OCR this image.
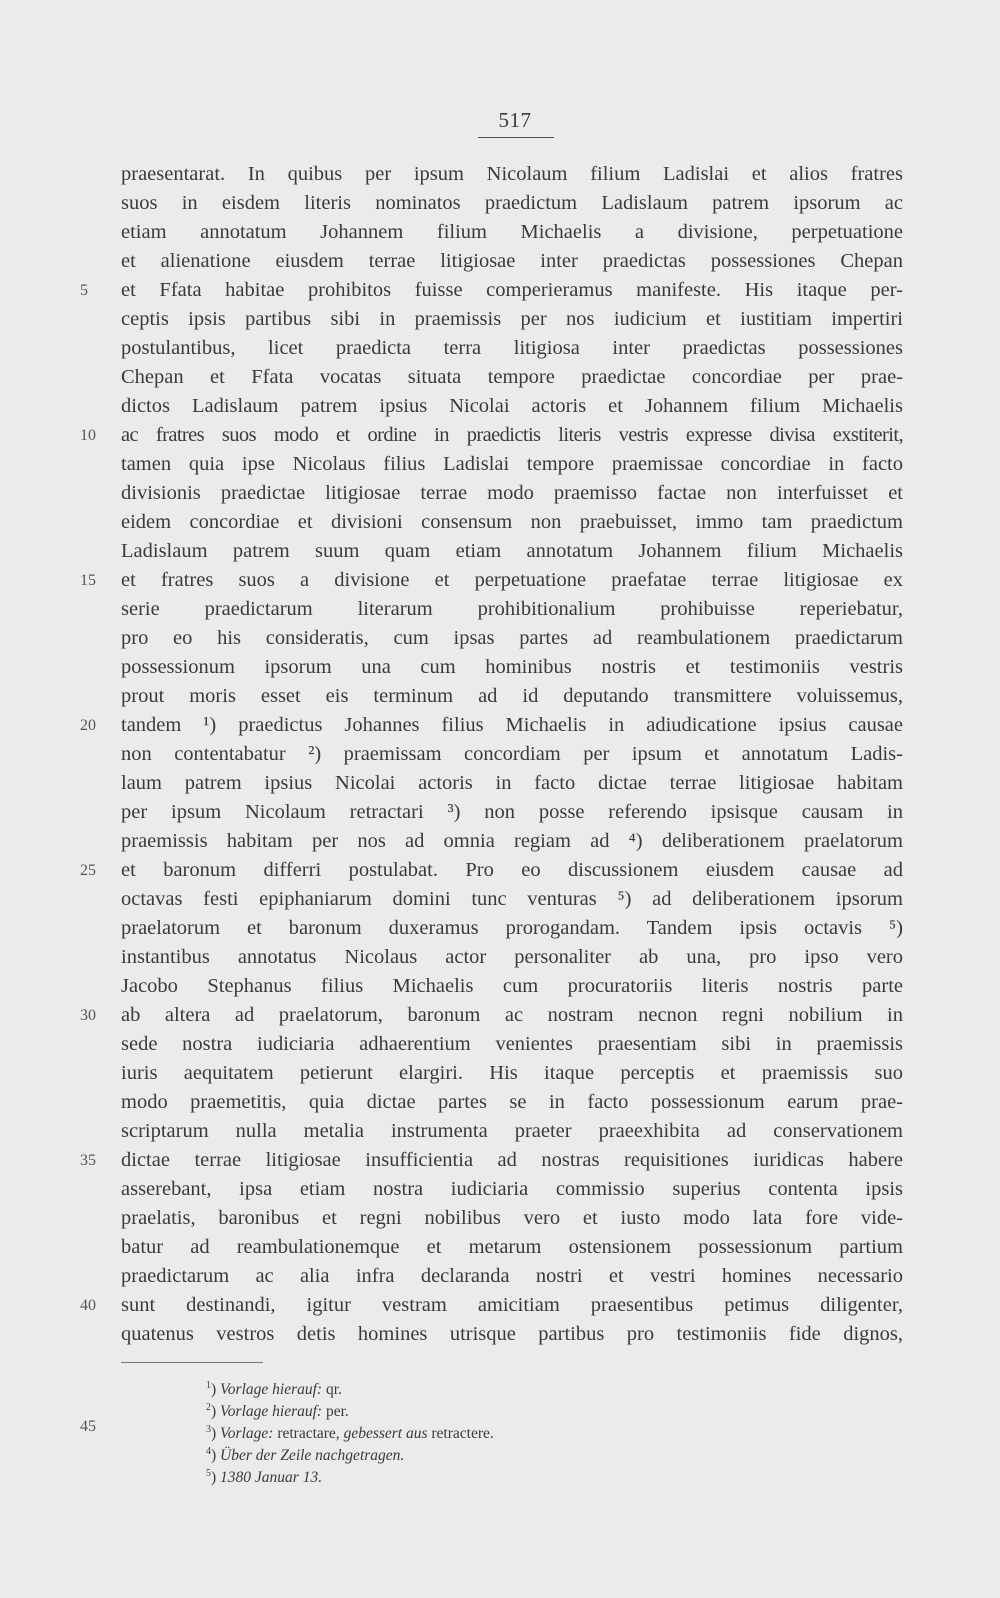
517
praesentarat. In quibus per ipsum Nicolaum filium Ladislai et alios fratres
suos in eisdem literis nominatos praedictum Ladislaum patrem ipsorum ac
etiam annotatum Johannem filium Michaelis a divisione, perpetuatione
et alienatione eiusdem terrae litigiosae inter praedictas possessiones Chepan
et Ffata habitae prohibitos fuisse comperieramus manifeste. His itaque per-
ceptis ipsis partibus sibi in praemissis per nos iudicium et iustitiam impertiri
postulantibus, licet praedicta terra litigiosa inter praedictas possessiones
Chepan et Ffata vocatas situata tempore praedictae concordiae per prae-
dictos Ladislaum patrem ipsius Nicolai actoris et Johannem filium Michaelis
ac fratres suos modo et ordine in praedictis literis vestris expresse divisa exstiterit,
tamen quia ipse Nicolaus filius Ladislai tempore praemissae concordiae in facto
divisionis praedictae litigiosae terrae modo praemisso factae non interfuisset et
eidem concordiae et divisioni consensum non praebuisset, immo tam praedictum
Ladislaum patrem suum quam etiam annotatum Johannem filium Michaelis
et fratres suos a divisione et perpetuatione praefatae terrae litigiosae ex
serie praedictarum literarum prohibitionalium prohibuisse reperiebatur,
pro eo his consideratis, cum ipsas partes ad reambulationem praedictarum
possessionum ipsorum una cum hominibus nostris et testimoniis vestris
prout moris esset eis terminum ad id deputando transmittere voluissemus,
tandem ¹) praedictus Johannes filius Michaelis in adiudicatione ipsius causae
non contentabatur ²) praemissam concordiam per ipsum et annotatum Ladis-
laum patrem ipsius Nicolai actoris in facto dictae terrae litigiosae habitam
per ipsum Nicolaum retractari ³) non posse referendo ipsisque causam in
praemissis habitam per nos ad omnia regiam ad ⁴) deliberationem praelatorum
et baronum differri postulabat. Pro eo discussionem eiusdem causae ad
octavas festi epiphaniarum domini tunc venturas ⁵) ad deliberationem ipsorum
praelatorum et baronum duxeramus prorogandam. Tandem ipsis octavis ⁵)
instantibus annotatus Nicolaus actor personaliter ab una, pro ipso vero
Jacobo Stephanus filius Michaelis cum procuratoriis literis nostris parte
ab altera ad praelatorum, baronum ac nostram necnon regni nobilium in
sede nostra iudiciaria adhaerentium venientes praesentiam sibi in praemissis
iuris aequitatem petierunt elargiri. His itaque perceptis et praemissis suo
modo praemetitis, quia dictae partes se in facto possessionum earum prae-
scriptarum nulla metalia instrumenta praeter praeexhibita ad conservationem
dictae terrae litigiosae insufficientia ad nostras requisitiones iuridicas habere
asserebant, ipsa etiam nostra iudiciaria commissio superius contenta ipsis
praelatis, baronibus et regni nobilibus vero et iusto modo lata fore vide-
batur ad reambulationemque et metarum ostensionem possessionum partium
praedictarum ac alia infra declaranda nostri et vestri homines necessario
sunt destinandi, igitur vestram amicitiam praesentibus petimus diligenter,
quatenus vestros detis homines utrisque partibus pro testimoniis fide dignos,
5
10
15
20
25
30
35
40
45
$^1$) Vorlage hierauf: qr.
$^2$) Vorlage hierauf: per.
$^3$) Vorlage: retractare, gebessert aus retractere.
$^4$) Über der Zeile nachgetragen.
$^5$) 1380 Januar 13.
